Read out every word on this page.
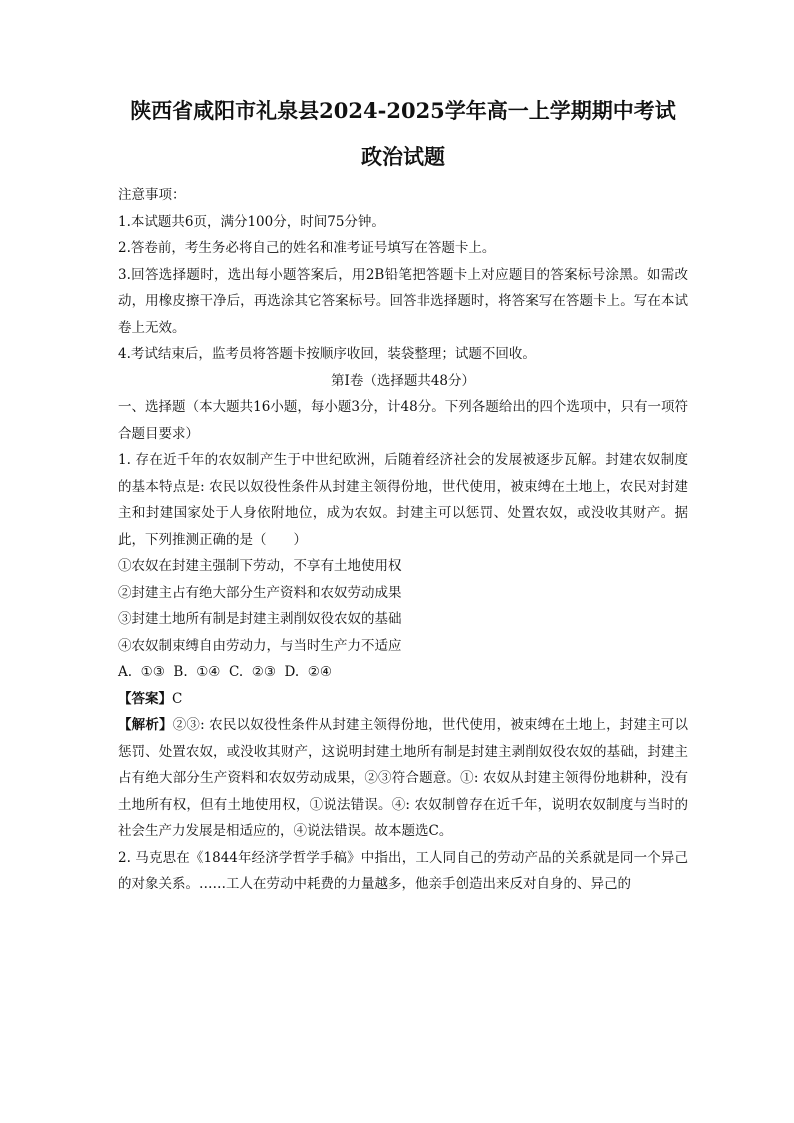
陕西省咸阳市礼泉县2024-2025学年高一上学期期中考试
政治试题

注意事项：

1.本试题共6页，满分100分，时间75分钟。

2.答卷前，考生务必将自己的姓名和准考证号填写在答题卡上。

3.回答选择题时，选出每小题答案后，用2B铅笔把答题卡上对应题目的答案标号涂黑。如需改动，用橡皮擦干净后，再选涂其它答案标号。回答非选择题时，将答案写在答题卡上。写在本试卷上无效。

4.考试结束后，监考员将答题卡按顺序收回，装袋整理；试题不回收。

第Ⅰ卷（选择题共48分）

一、选择题（本大题共16小题，每小题3分，计48分。下列各题给出的四个选项中，只有一项符合题目要求）

1. 存在近千年的农奴制产生于中世纪欧洲，后随着经济社会的发展被逐步瓦解。封建农奴制度的基本特点是: 农民以奴役性条件从封建主领得份地，世代使用，被束缚在土地上，农民对封建主和封建国家处于人身依附地位，成为农奴。封建主可以惩罚、处置农奴，或没收其财产。据此，下列推测正确的是（　　）

①农奴在封建主强制下劳动，不享有土地使用权

②封建主占有绝大部分生产资料和农奴劳动成果

③封建土地所有制是封建主剥削奴役农奴的基础

④农奴制束缚自由劳动力，与当时生产力不适应

A.  ①③  B.  ①④  C.  ②③  D.  ②④

【答案】C

【解析】②③: 农民以奴役性条件从封建主领得份地，世代使用，被束缚在土地上，封建主可以惩罚、处置农奴，或没收其财产，这说明封建土地所有制是封建主剥削奴役农奴的基础，封建主占有绝大部分生产资料和农奴劳动成果，②③符合题意。①: 农奴从封建主领得份地耕种，没有土地所有权，但有土地使用权，①说法错误。④: 农奴制曾存在近千年，说明农奴制度与当时的社会生产力发展是相适应的，④说法错误。故本题选C。

2. 马克思在《1844年经济学哲学手稿》中指出，工人同自己的劳动产品的关系就是同一个异己的对象关系。……工人在劳动中耗费的力量越多，他亲手创造出来反对自身的、异己的
